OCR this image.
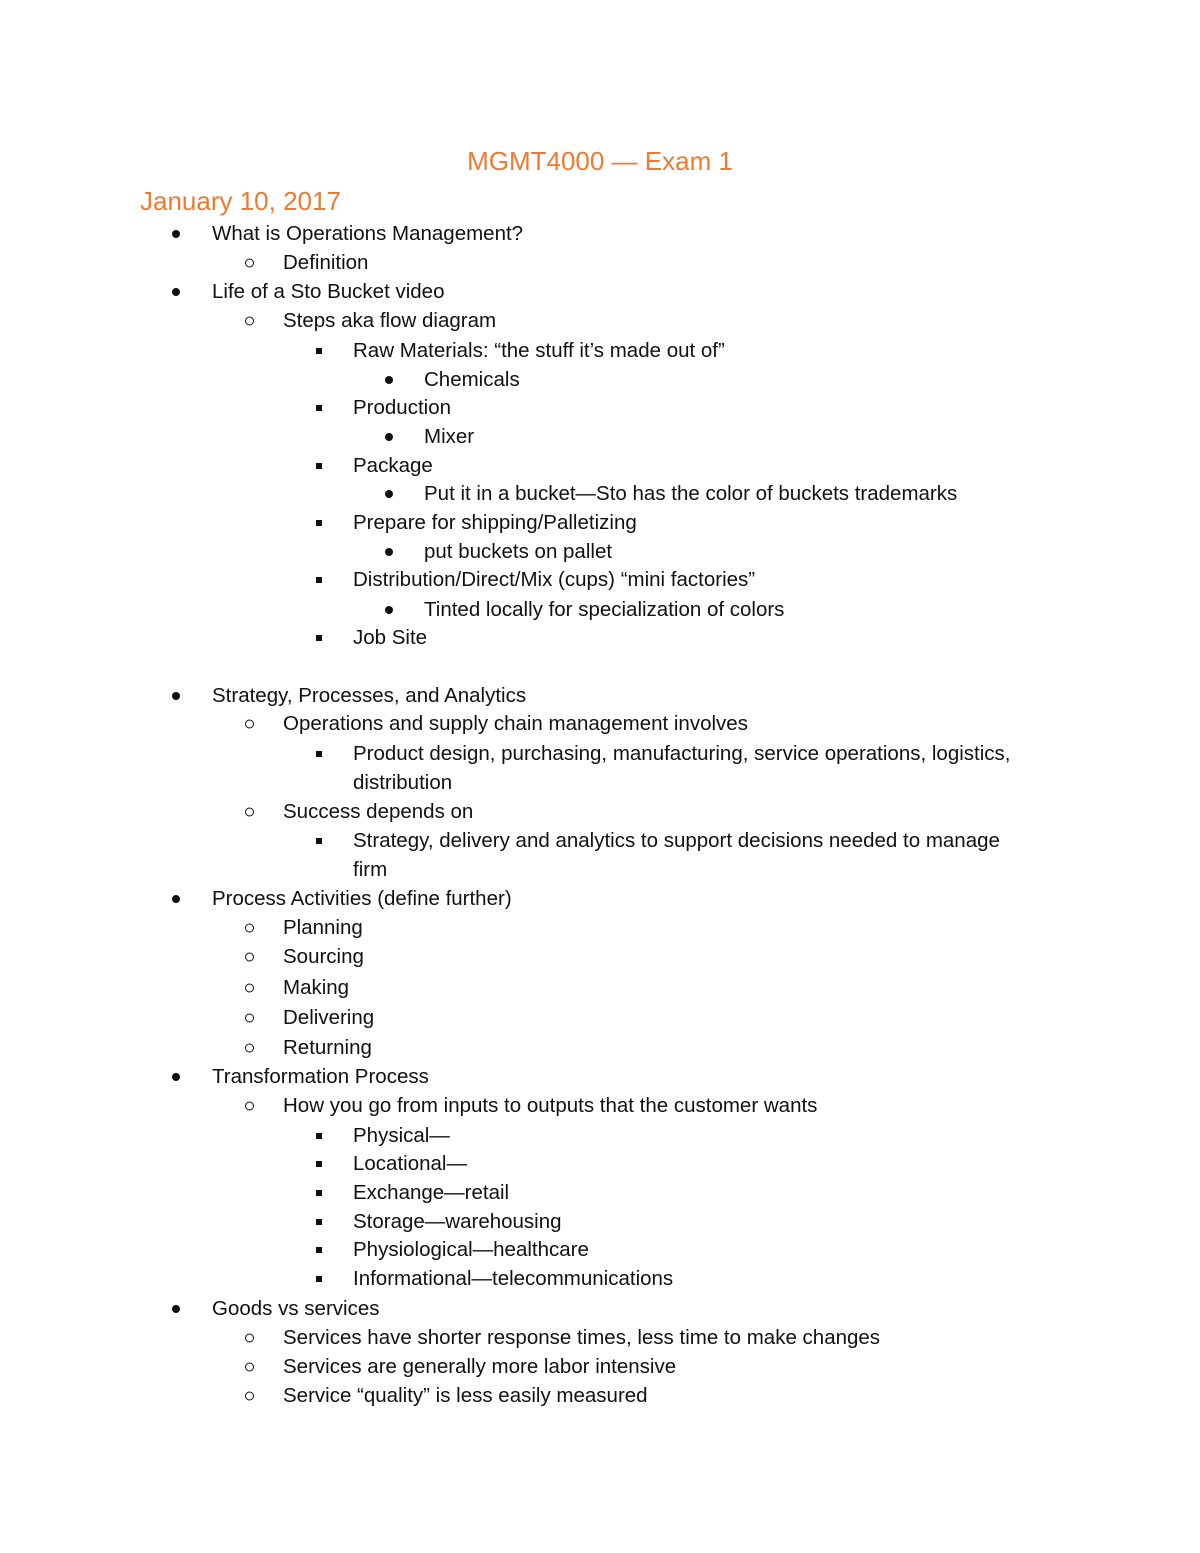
MGMT4000 — Exam 1
January 10, 2017
What is Operations Management?
Definition
Life of a Sto Bucket video
Steps aka flow diagram
Raw Materials: “the stuff it’s made out of”
Chemicals
Production
Mixer
Package
Put it in a bucket—Sto has the color of buckets trademarks
Prepare for shipping/Palletizing
put buckets on pallet
Distribution/Direct/Mix (cups) “mini factories”
Tinted locally for specialization of colors
Job Site
Strategy, Processes, and Analytics
Operations and supply chain management involves
Product design, purchasing, manufacturing, service operations, logistics,
distribution
Success depends on
Strategy, delivery and analytics to support decisions needed to manage
firm
Process Activities (define further)
Planning
Sourcing
Making
Delivering
Returning
Transformation Process
How you go from inputs to outputs that the customer wants
Physical—
Locational—
Exchange—retail
Storage—warehousing
Physiological—healthcare
Informational—telecommunications
Goods vs services
Services have shorter response times, less time to make changes
Services are generally more labor intensive
Service “quality” is less easily measured
